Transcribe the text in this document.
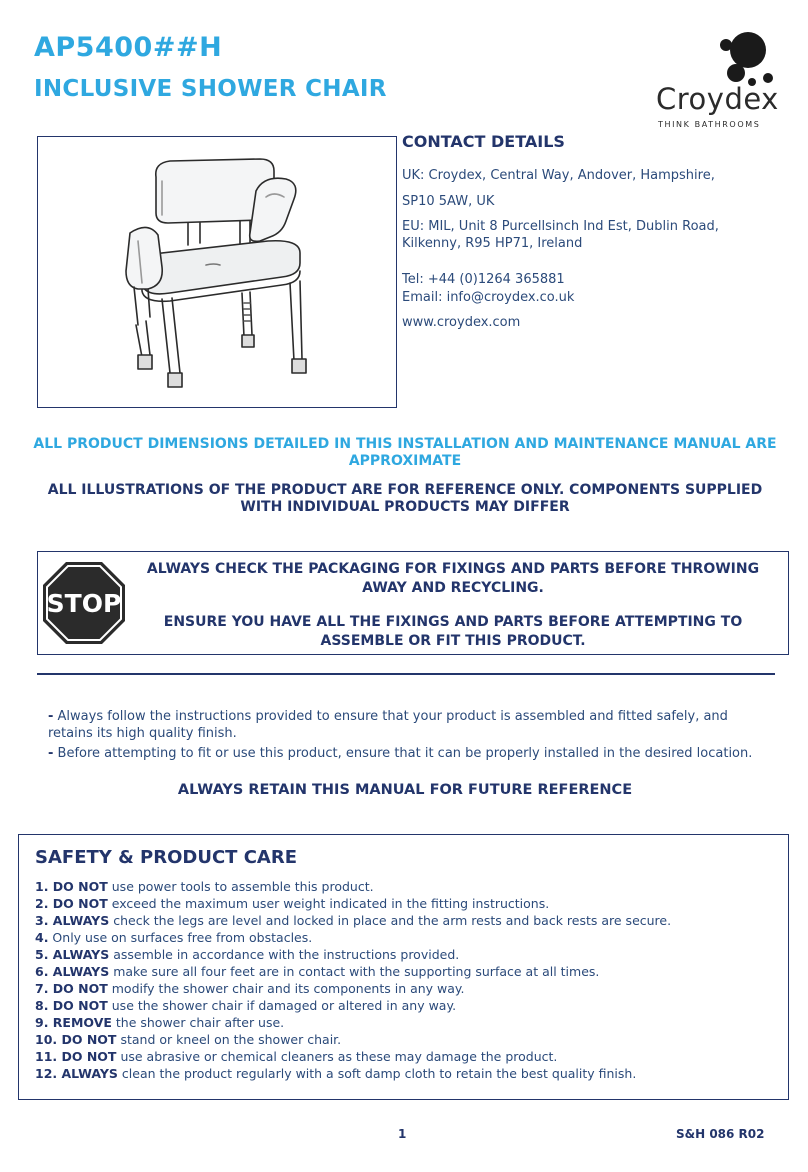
AP5400##H
INCLUSIVE SHOWER CHAIR	Croydex
THINK BATHROOMS
CONTACT DETAILS
UK: Croydex, Central Way, Andover, Hampshire,
SP10 5AW, UK
EU: MIL, Unit 8 Purcellsinch Ind Est, Dublin Road,
Kilkenny, R95 HP71, Ireland
Tel: +44 (0)1264 365881
Email: info@croydex.co.uk
www.croydex.com
ALL PRODUCT DIMENSIONS DETAILED IN THIS INSTALLATION AND MAINTENANCE MANUAL ARE APPROXIMATE
ALL ILLUSTRATIONS OF THE PRODUCT ARE FOR REFERENCE ONLY. COMPONENTS SUPPLIED WITH INDIVIDUAL PRODUCTS MAY DIFFER
STOP
ALWAYS CHECK THE PACKAGING FOR FIXINGS AND PARTS BEFORE THROWING AWAY AND RECYCLING.
ENSURE YOU HAVE ALL THE FIXINGS AND PARTS BEFORE ATTEMPTING TO ASSEMBLE OR FIT THIS PRODUCT.
- Always follow the instructions provided to ensure that your product is assembled and fitted safely, and retains its high quality finish.
- Before attempting to fit or use this product, ensure that it can be properly installed in the desired location.
ALWAYS RETAIN THIS MANUAL FOR FUTURE REFERENCE
SAFETY & PRODUCT CARE
1. DO NOT use power tools to assemble this product.
2. DO NOT exceed the maximum user weight indicated in the fitting instructions.
3. ALWAYS check the legs are level and locked in place and the arm rests and back rests are secure.
4. Only use on surfaces free from obstacles.
5. ALWAYS assemble in accordance with the instructions provided.
6. ALWAYS make sure all four feet are in contact with the supporting surface at all times.
7. DO NOT modify the shower chair and its components in any way.
8. DO NOT use the shower chair if damaged or altered in any way.
9. REMOVE the shower chair after use.
10. DO NOT stand or kneel on the shower chair.
11. DO NOT use abrasive or chemical cleaners as these may damage the product.
12. ALWAYS clean the product regularly with a soft damp cloth to retain the best quality finish.
1	S&H 086 R02
